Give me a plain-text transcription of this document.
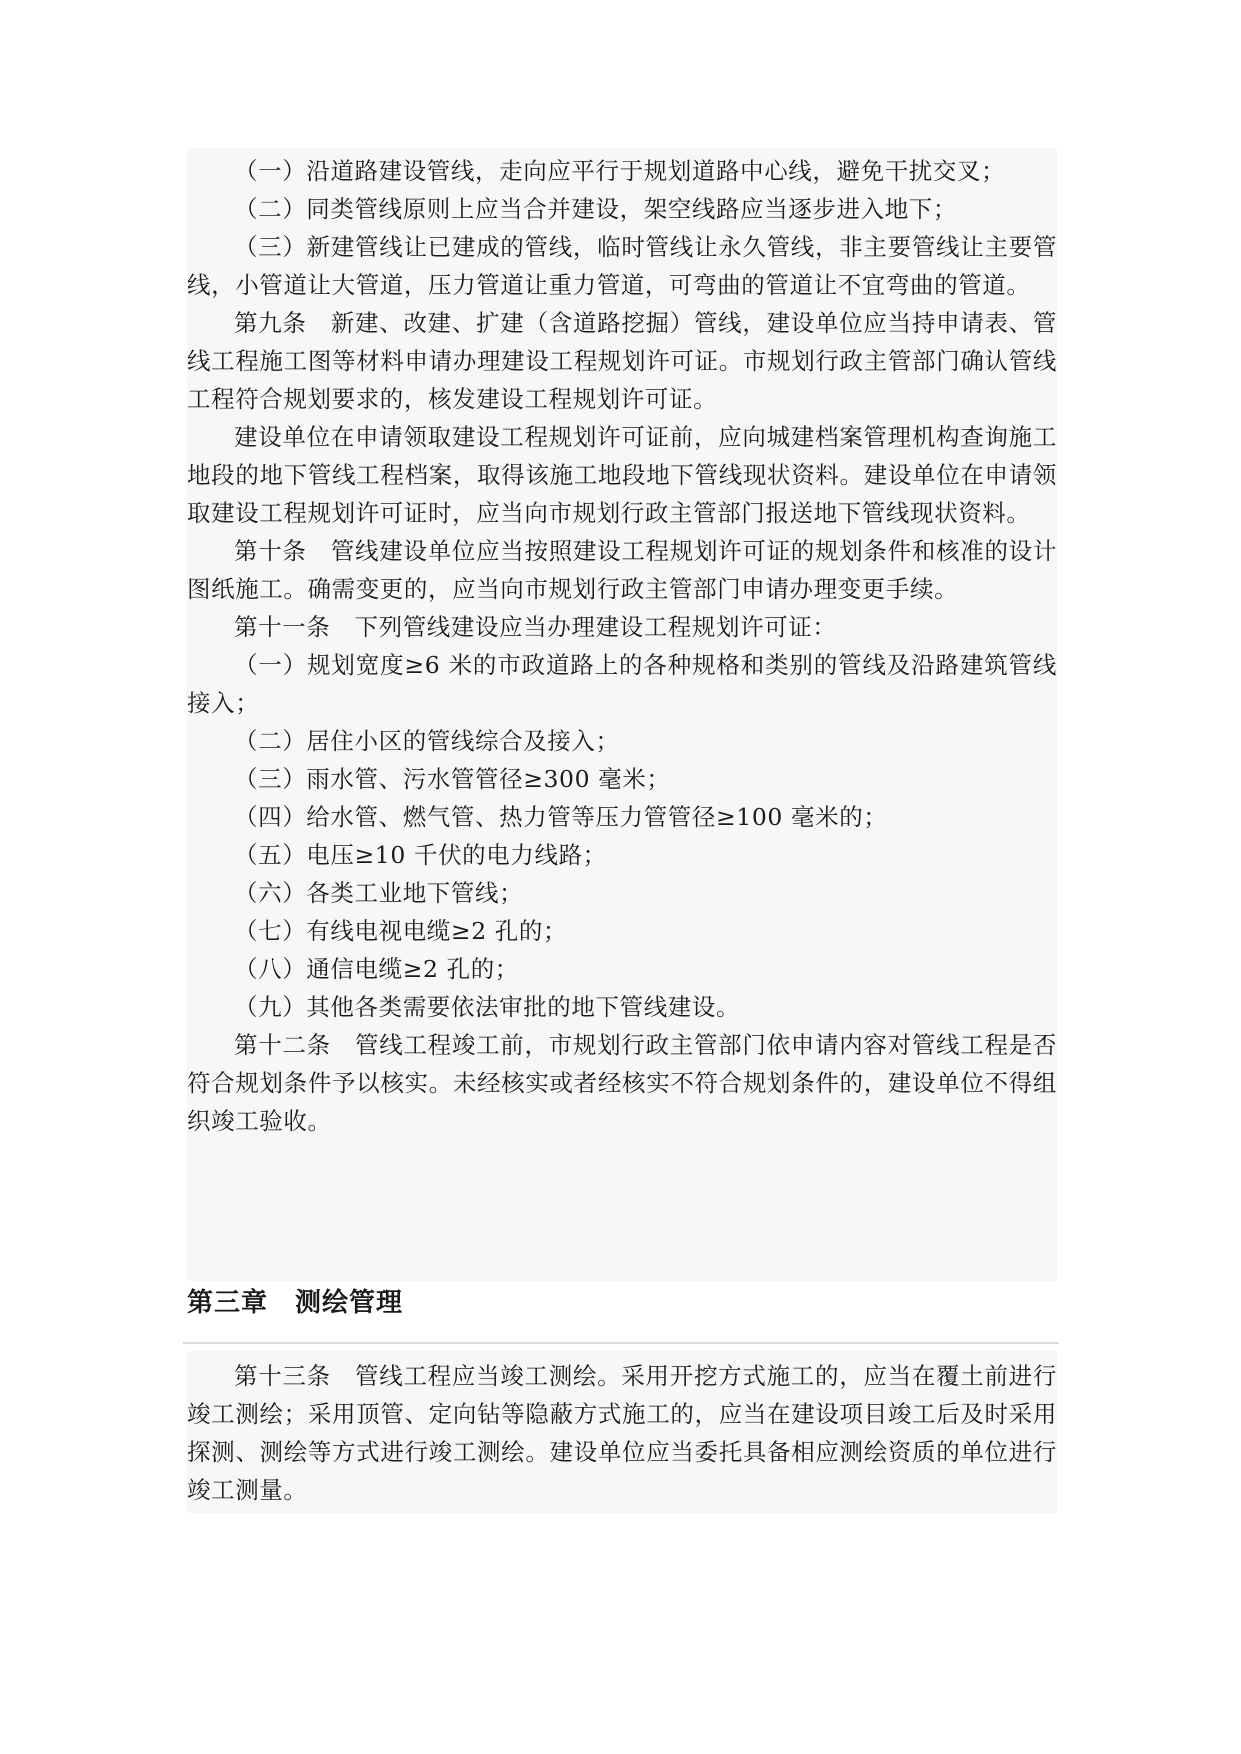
（一）沿道路建设管线，走向应平行于规划道路中心线，避免干扰交叉；

（二）同类管线原则上应当合并建设，架空线路应当逐步进入地下；

（三）新建管线让已建成的管线，临时管线让永久管线，非主要管线让主要管线，小管道让大管道，压力管道让重力管道，可弯曲的管道让不宜弯曲的管道。

第九条　新建、改建、扩建（含道路挖掘）管线，建设单位应当持申请表、管线工程施工图等材料申请办理建设工程规划许可证。市规划行政主管部门确认管线工程符合规划要求的，核发建设工程规划许可证。

建设单位在申请领取建设工程规划许可证前，应向城建档案管理机构查询施工地段的地下管线工程档案，取得该施工地段地下管线现状资料。建设单位在申请领取建设工程规划许可证时，应当向市规划行政主管部门报送地下管线现状资料。

第十条　管线建设单位应当按照建设工程规划许可证的规划条件和核准的设计图纸施工。确需变更的，应当向市规划行政主管部门申请办理变更手续。

第十一条　下列管线建设应当办理建设工程规划许可证：

（一）规划宽度≥6 米的市政道路上的各种规格和类别的管线及沿路建筑管线接入；

（二）居住小区的管线综合及接入；

（三）雨水管、污水管管径≥300 毫米；

（四）给水管、燃气管、热力管等压力管管径≥100 毫米的；

（五）电压≥10 千伏的电力线路；

（六）各类工业地下管线；

（七）有线电视电缆≥2 孔的；

（八）通信电缆≥2 孔的；

（九）其他各类需要依法审批的地下管线建设。

第十二条　管线工程竣工前，市规划行政主管部门依申请内容对管线工程是否符合规划条件予以核实。未经核实或者经核实不符合规划条件的，建设单位不得组织竣工验收。

第三章　测绘管理

第十三条　管线工程应当竣工测绘。采用开挖方式施工的，应当在覆土前进行竣工测绘；采用顶管、定向钻等隐蔽方式施工的，应当在建设项目竣工后及时采用探测、测绘等方式进行竣工测绘。建设单位应当委托具备相应测绘资质的单位进行竣工测量。
